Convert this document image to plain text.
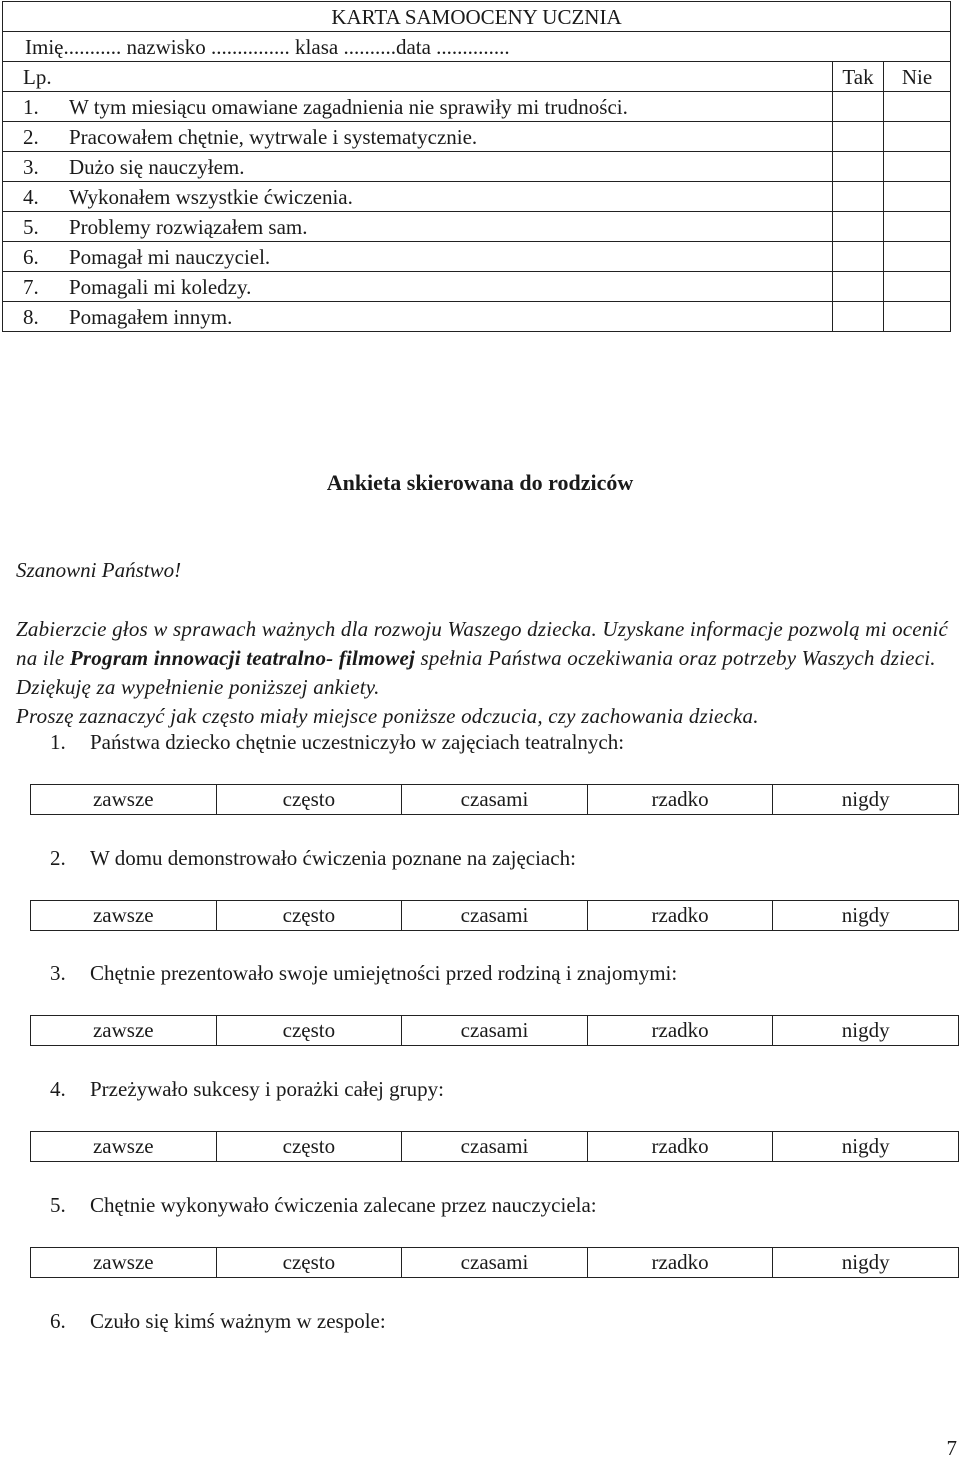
KARTA SAMOOCENY UCZNIA			
Imię........... nazwisko ............... klasa ..........data ..............			
Lp.		Tak	Nie
1.	W tym miesiącu omawiane zagadnienia nie sprawiły mi trudności.		
2.	Pracowałem chętnie, wytrwale i systematycznie.		
3.	Dużo się nauczyłem.		
4.	Wykonałem wszystkie ćwiczenia.		
5.	Problemy rozwiązałem sam.		
6.	Pomagał mi nauczyciel.		
7.	Pomagali mi koledzy.		
8.	Pomagałem innym.		
Ankieta skierowana do rodziców
Szanowni Państwo!
Zabierzcie głos w sprawach ważnych dla rozwoju Waszego dziecka. Uzyskane informacje pozwolą mi ocenić na ile Program innowacji teatralno- filmowej spełnia Państwa oczekiwania oraz potrzeby Waszych dzieci. Dziękuję za wypełnienie poniższej ankiety.
Proszę zaznaczyć jak często miały miejsce poniższe odczucia, czy zachowania dziecka.
1. Państwa dziecko chętnie uczestniczyło w zajęciach teatralnych:
zawsze	często	czasami	rzadko	nigdy
2. W domu demonstrowało ćwiczenia poznane na zajęciach:
zawsze	często	czasami	rzadko	nigdy
3. Chętnie prezentowało swoje umiejętności przed rodziną i znajomymi:
zawsze	często	czasami	rzadko	nigdy
4. Przeżywało sukcesy i porażki całej grupy:
zawsze	często	czasami	rzadko	nigdy
5. Chętnie wykonywało ćwiczenia zalecane przez nauczyciela:
zawsze	często	czasami	rzadko	nigdy
6. Czuło się kimś ważnym w zespole:
7
